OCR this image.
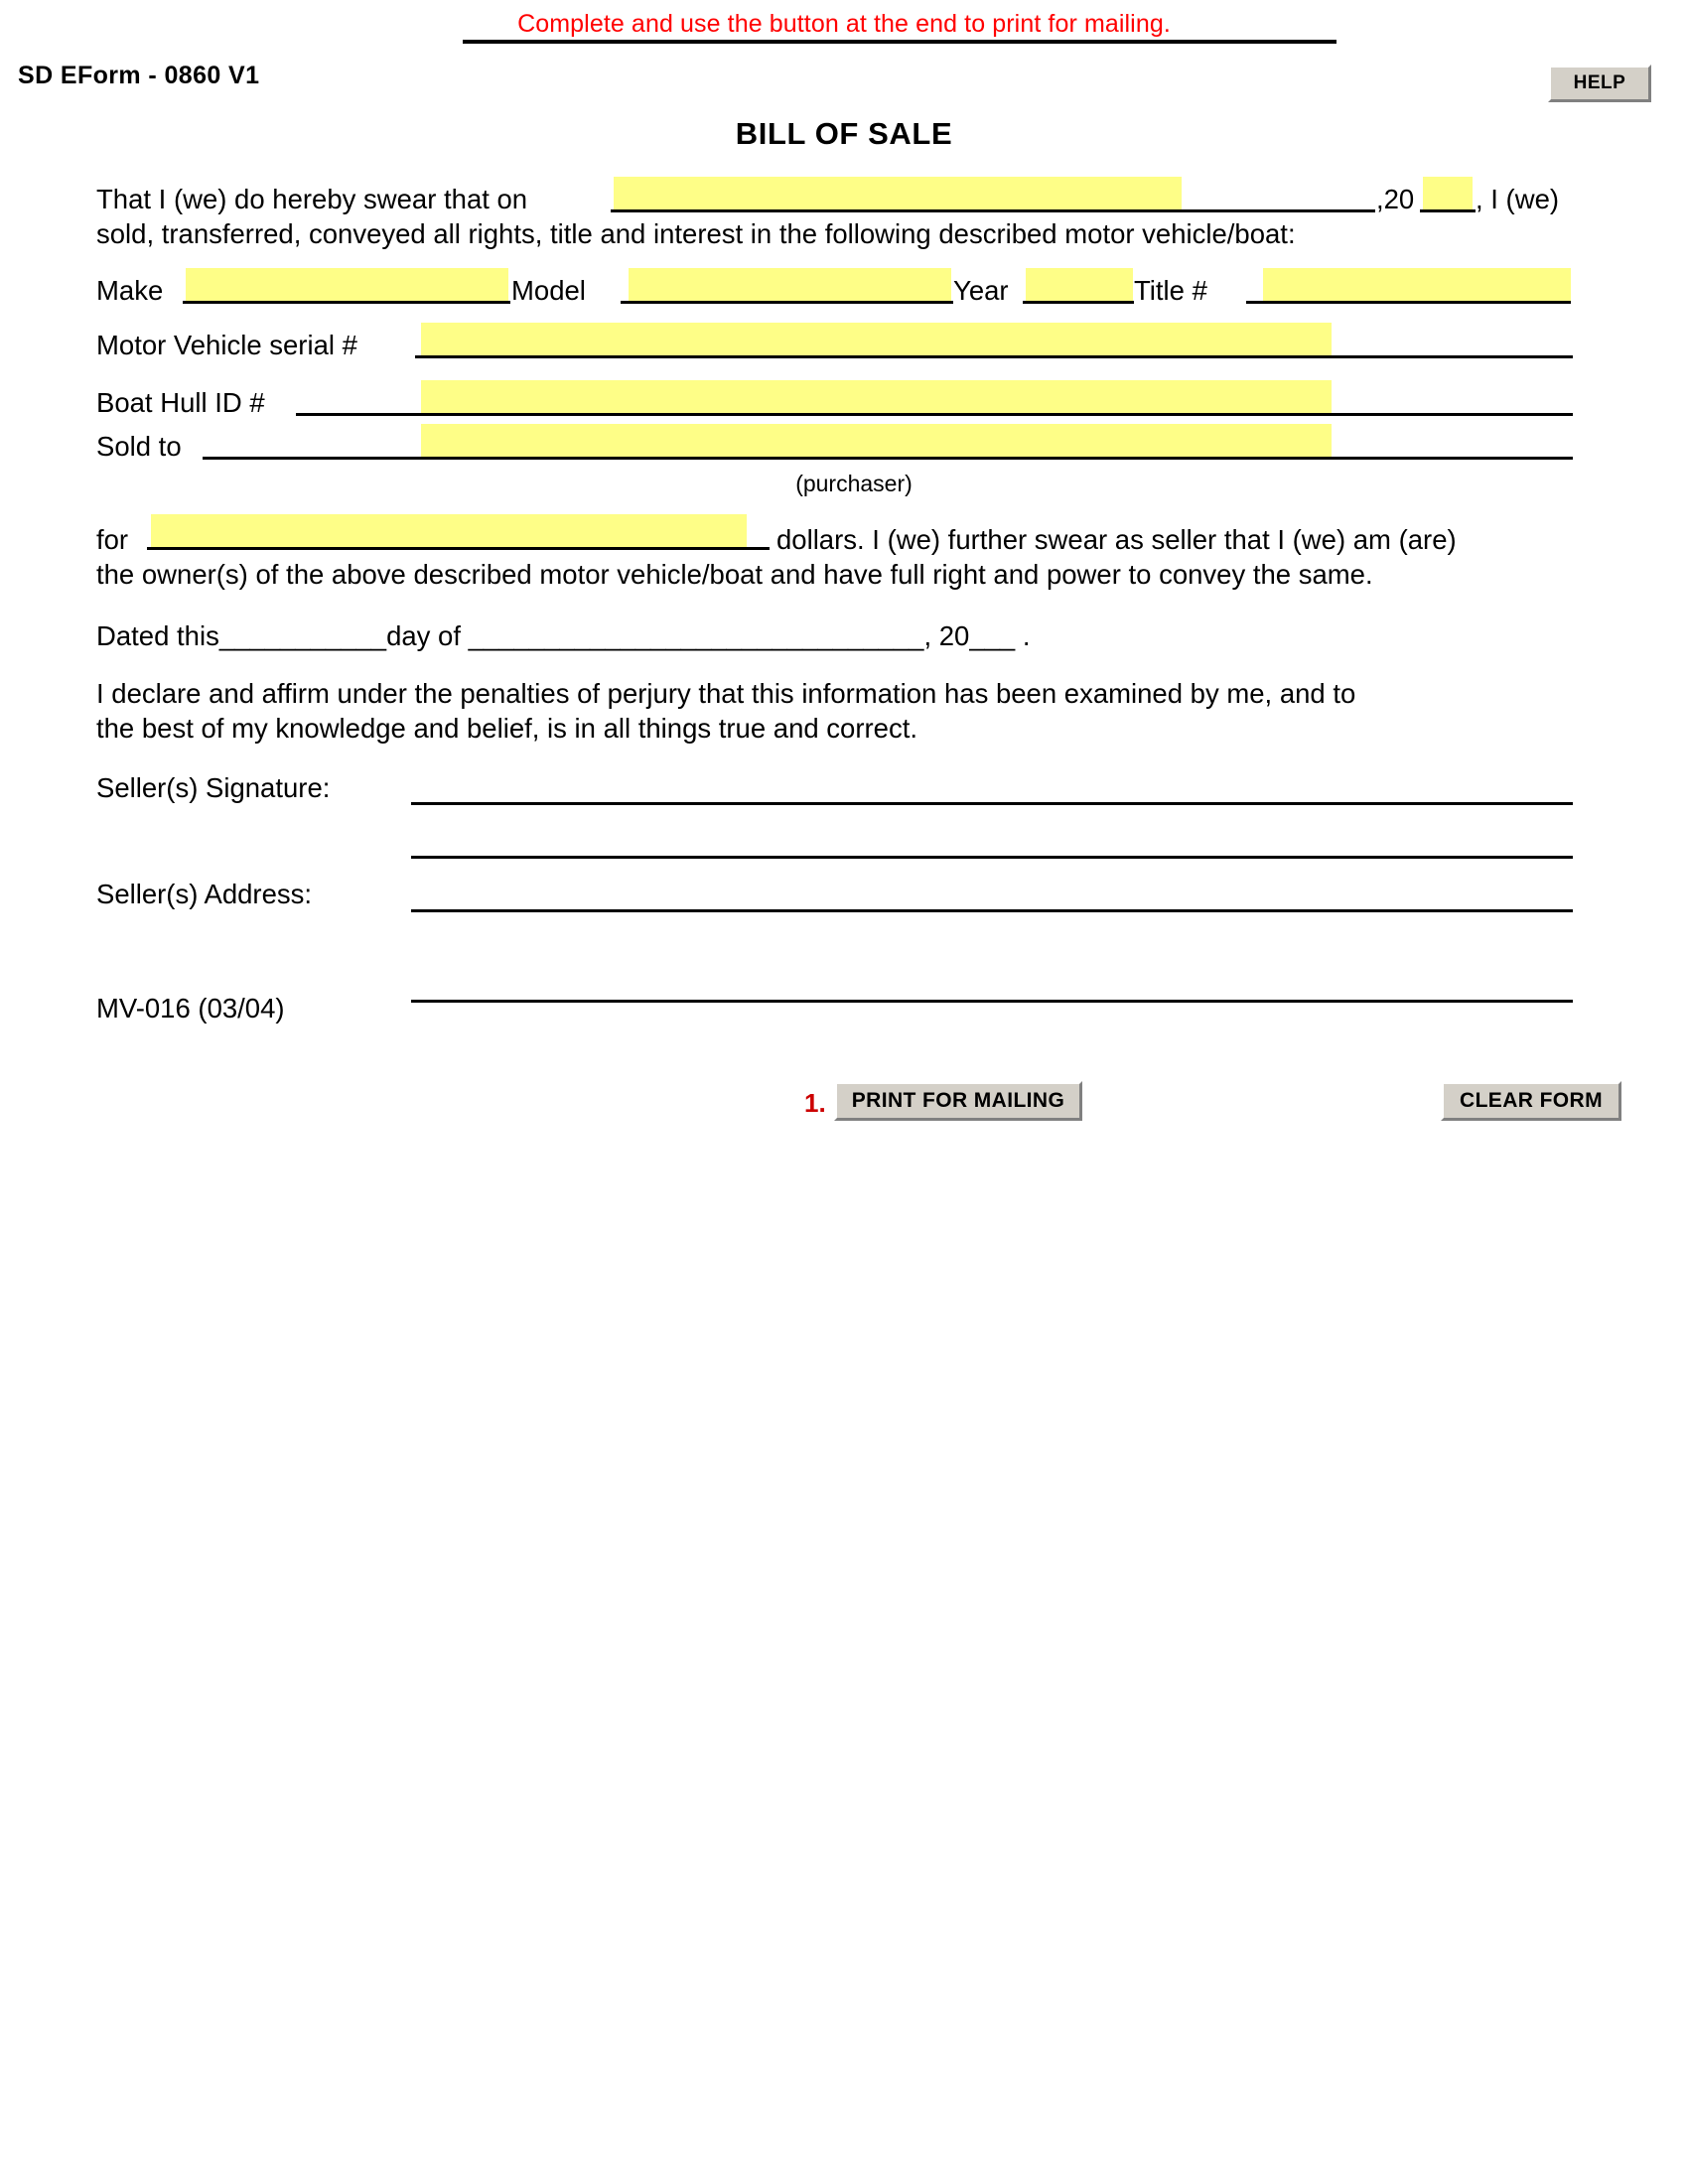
Complete and use the button at the end to print for mailing.
SD EForm - 0860 V1	HELP
BILL OF SALE
That I (we) do hereby swear that on	,20 , I (we)
sold, transferred, conveyed all rights, title and interest in the following described motor vehicle/boat:
Make	Model	Year	Title #
Motor Vehicle serial #
Boat Hull ID #
Sold to
(purchaser)
for	dollars. I (we) further swear as seller that I (we) am (are)
the owner(s) of the above described motor vehicle/boat and have full right and power to convey the same.
Dated this___________day of ______________________________, 20___ .
I declare and affirm under the penalties of perjury that this information has been examined by me, and to
the best of my knowledge and belief, is in all things true and correct.
Seller(s) Signature:
Seller(s) Address:
MV-016 (03/04)
1.	PRINT FOR MAILING	CLEAR FORM
